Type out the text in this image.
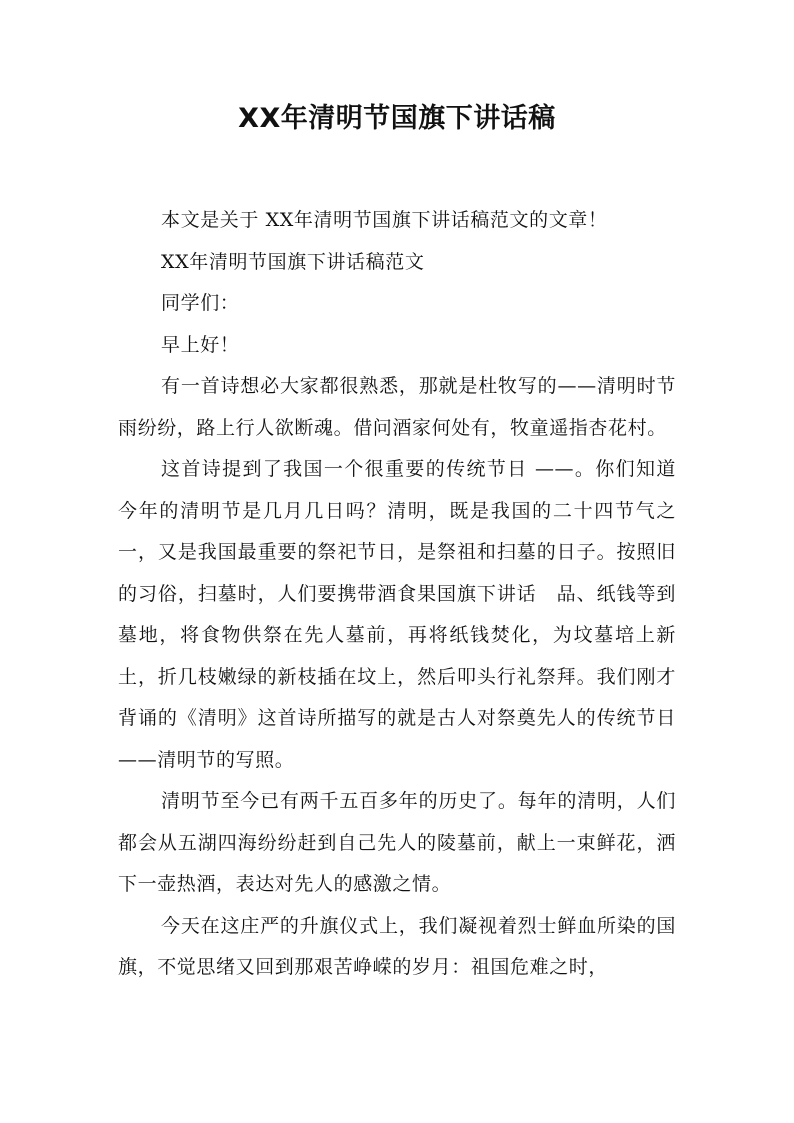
XX年清明节国旗下讲话稿

本文是关于 XX年清明节国旗下讲话稿范文的文章！

XX年清明节国旗下讲话稿范文

同学们：

早上好！

有一首诗想必大家都很熟悉，那就是杜牧写的——清明时节雨纷纷，路上行人欲断魂。借问酒家何处有，牧童遥指杏花村。

这首诗提到了我国一个很重要的传统节日 ——。你们知道今年的清明节是几月几日吗？清明，既是我国的二十四节气之一，又是我国最重要的祭祀节日，是祭祖和扫墓的日子。按照旧的习俗，扫墓时，人们要携带酒食果国旗下讲话　品、纸钱等到墓地，将食物供祭在先人墓前，再将纸钱焚化，为坟墓培上新土，折几枝嫩绿的新枝插在坟上，然后叩头行礼祭拜。我们刚才背诵的《清明》这首诗所描写的就是古人对祭奠先人的传统节日——清明节的写照。

清明节至今已有两千五百多年的历史了。每年的清明，人们都会从五湖四海纷纷赶到自己先人的陵墓前，献上一束鲜花，洒下一壶热酒，表达对先人的感激之情。

今天在这庄严的升旗仪式上，我们凝视着烈士鲜血所染的国旗，不觉思绪又回到那艰苦峥嵘的岁月：祖国危难之时，
